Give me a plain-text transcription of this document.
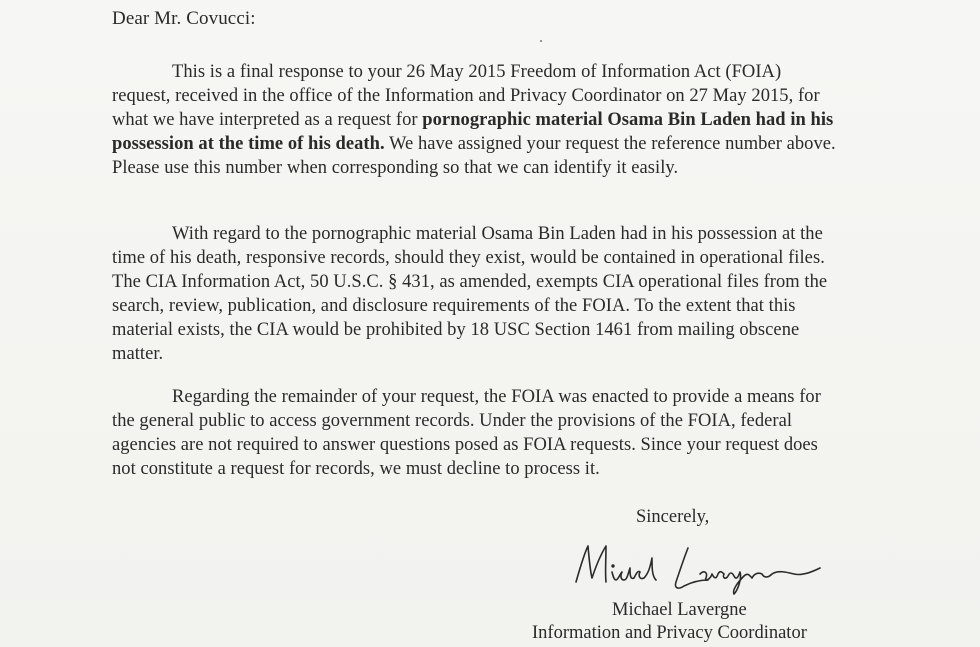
Dear Mr. Covucci:

This is a final response to your 26 May 2015 Freedom of Information Act (FOIA) request, received in the office of the Information and Privacy Coordinator on 27 May 2015, for what we have interpreted as a request for pornographic material Osama Bin Laden had in his possession at the time of his death. We have assigned your request the reference number above. Please use this number when corresponding so that we can identify it easily.

With regard to the pornographic material Osama Bin Laden had in his possession at the time of his death, responsive records, should they exist, would be contained in operational files. The CIA Information Act, 50 U.S.C. § 431, as amended, exempts CIA operational files from the search, review, publication, and disclosure requirements of the FOIA. To the extent that this material exists, the CIA would be prohibited by 18 USC Section 1461 from mailing obscene matter.

Regarding the remainder of your request, the FOIA was enacted to provide a means for the general public to access government records. Under the provisions of the FOIA, federal agencies are not required to answer questions posed as FOIA requests. Since your request does not constitute a request for records, we must decline to process it.

Sincerely,
Michael Lavergne
Information and Privacy Coordinator
